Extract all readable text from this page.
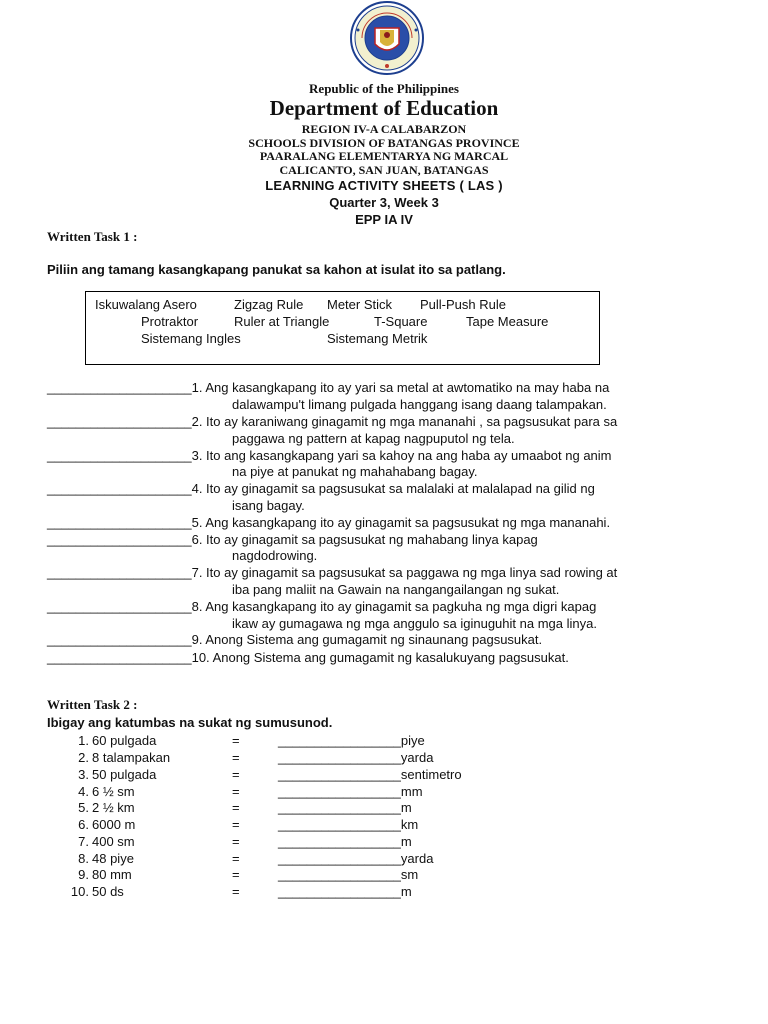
Republic of the Philippines
Department of Education
REGION IV-A CALABARZON
SCHOOLS DIVISION OF BATANGAS PROVINCE
PAARALANG ELEMENTARYA NG MARCAL
CALICANTO, SAN JUAN, BATANGAS
LEARNING ACTIVITY SHEETS ( LAS )
Quarter 3, Week 3
EPP IA IV
Written Task 1 :
Piliin ang tamang kasangkapang panukat sa kahon at isulat ito sa patlang.
Iskuwalang Asero	Zigzag Rule Meter Stick Pull-Push Rule
Protraktor	Ruler at Triangle	T-Square	Tape Measure
Sistemang Ingles	Sistemang Metrik
____________________1. Ang kasangkapang ito ay yari sa metal at awtomatiko na may haba na
dalawampu't limang pulgada hanggang isang daang talampakan.
____________________2. Ito ay karaniwang ginagamit ng mga mananahi , sa pagsusukat para sa
paggawa ng pattern at kapag nagpuputol ng tela.
____________________3. Ito ang kasangkapang yari sa kahoy na ang haba ay umaabot ng anim
na piye at panukat ng mahahabang bagay.
____________________4. Ito ay ginagamit sa pagsusukat sa malalaki at malalapad na gilid ng
isang bagay.
____________________5. Ang kasangkapang ito ay ginagamit sa pagsusukat ng mga mananahi.
____________________6. Ito ay ginagamit sa pagsusukat ng mahabang linya kapag
nagdodrowing.
____________________7. Ito ay ginagamit sa pagsusukat sa paggawa ng mga linya sad rowing at
iba pang maliit na Gawain na nangangailangan ng sukat.
____________________8. Ang kasangkapang ito ay ginagamit sa pagkuha ng mga digri kapag
ikaw ay gumagawa ng mga anggulo sa iginuguhit na mga linya.
____________________9. Anong Sistema ang gumagamit ng sinaunang pagsusukat.
____________________10. Anong Sistema ang gumagamit ng kasalukuyang pagsusukat.
Written Task 2 :
Ibigay ang katumbas na sukat ng sumusunod.
1. 60 pulgada	=	_________________piye
2. 8 talampakan	=	_________________yarda
3. 50 pulgada	=	_________________sentimetro
4. 6 ½ sm	=	_________________mm
5. 2 ½ km	=	_________________m
6. 6000 m	=	_________________km
7. 400 sm	=	_________________m
8. 48 piye	=	_________________yarda
9. 80 mm	=	_________________sm
10. 50 ds	=	_________________m
